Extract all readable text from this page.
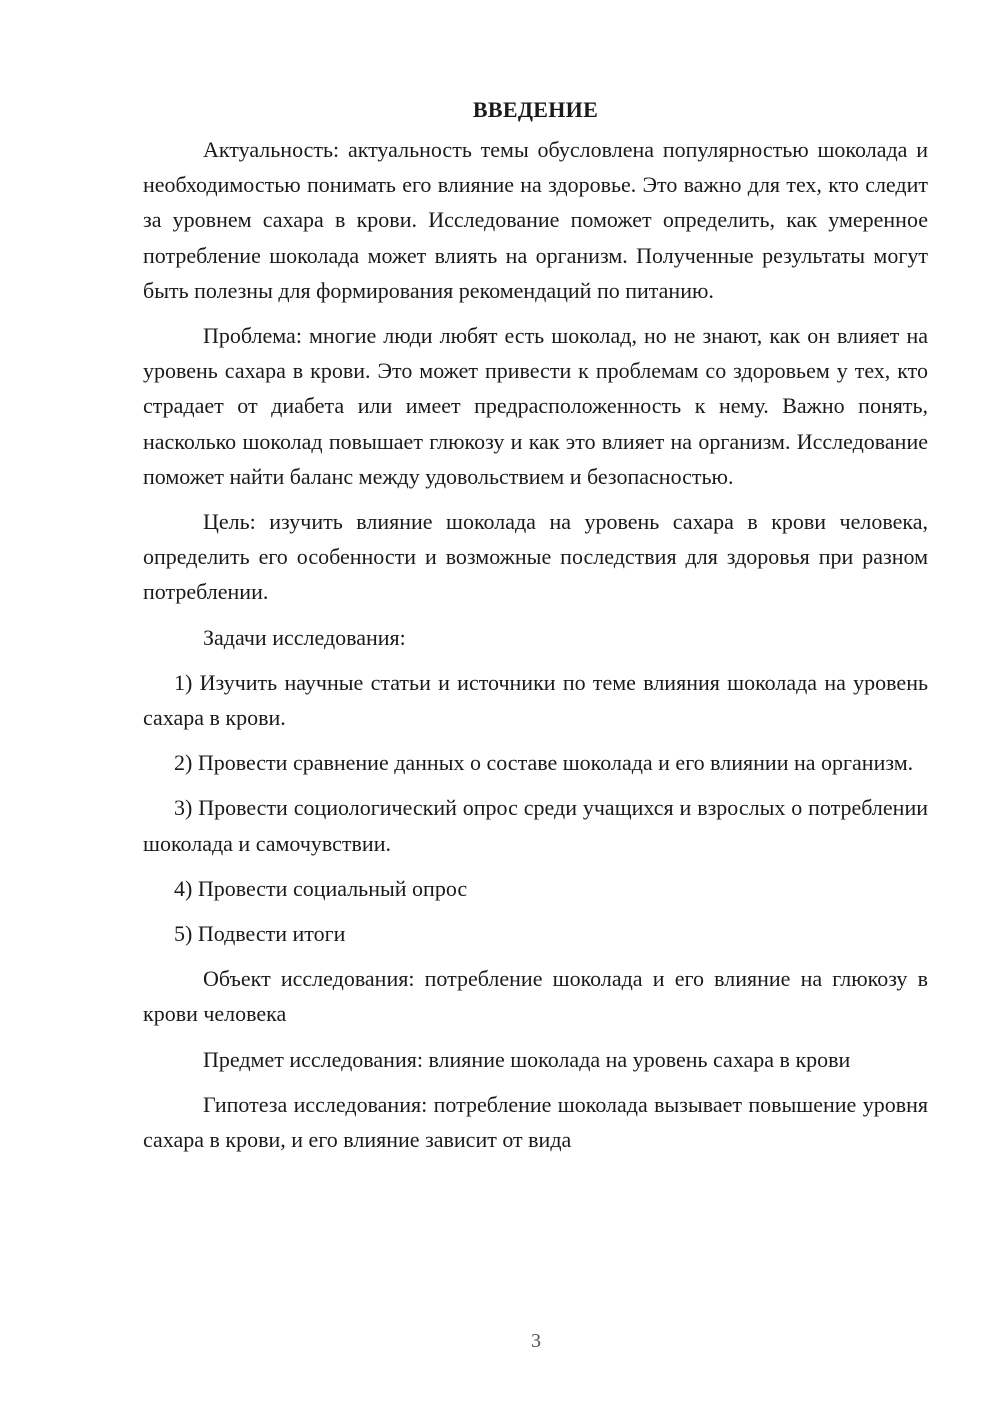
ВВЕДЕНИЕ

Актуальность: актуальность темы обусловлена популярностью шоколада и необходимостью понимать его влияние на здоровье. Это важно для тех, кто следит за уровнем сахара в крови. Исследование поможет определить, как умеренное потребление шоколада может влиять на организм. Полученные результаты могут быть полезны для формирования рекомендаций по питанию.

Проблема: многие люди любят есть шоколад, но не знают, как он влияет на уровень сахара в крови. Это может привести к проблемам со здоровьем у тех, кто страдает от диабета или имеет предрасположенность к нему. Важно понять, насколько шоколад повышает глюкозу и как это влияет на организм. Исследование поможет найти баланс между удовольствием и безопасностью.

Цель: изучить влияние шоколада на уровень сахара в крови человека, определить его особенности и возможные последствия для здоровья при разном потреблении.

Задачи исследования:

1) Изучить научные статьи и источники по теме влияния шоколада на уровень сахара в крови.

2) Провести сравнение данных о составе шоколада и его влиянии на организм.

3) Провести социологический опрос среди учащихся и взрослых о потреблении шоколада и самочувствии.

4) Провести социальный опрос

5) Подвести итоги

Объект исследования: потребление шоколада и его влияние на глюкозу в крови человека

Предмет исследования: влияние шоколада на уровень сахара в крови

Гипотеза исследования: потребление шоколада вызывает повышение уровня сахара в крови, и его влияние зависит от вида

3
